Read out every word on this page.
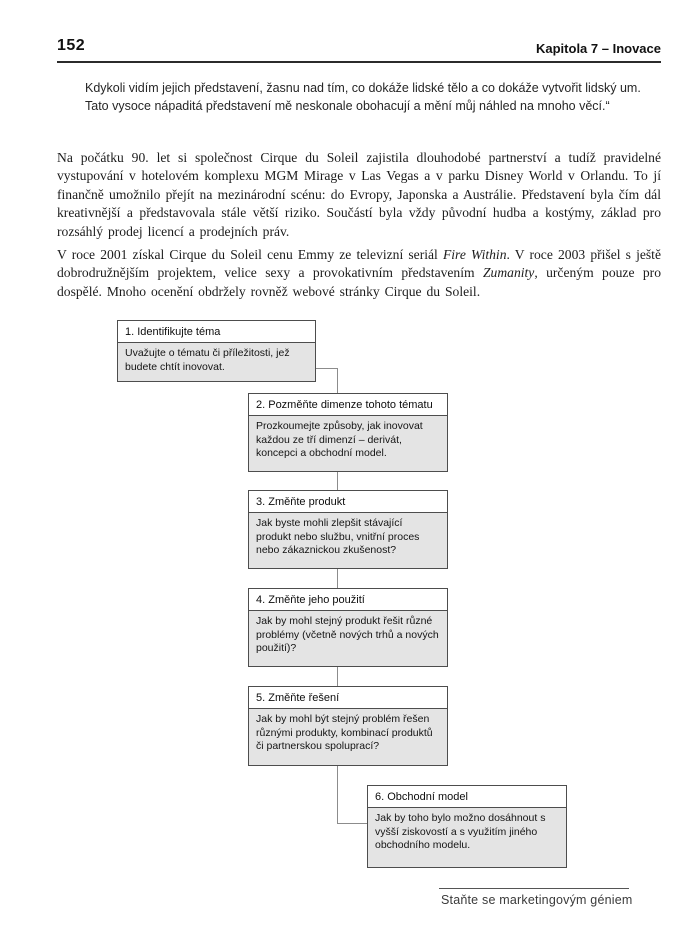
152	Kapitola 7 – Inovace
Kdykoli vidím jejich představení, žasnu nad tím, co dokáže lidské tělo a co dokáže vytvořit lidský um. Tato vysoce nápaditá představení mě neskonale obohacují a mění můj náhled na mnoho věcí.“

Na počátku 90. let si společnost Cirque du Soleil zajistila dlouhodobé partnerství a tudíž pravidelné vystupování v hotelovém komplexu MGM Mirage v Las Vegas a v parku Disney World v Orlandu. To jí finančně umožnilo přejít na mezinárodní scénu: do Evropy, Japonska a Austrálie. Představení byla čím dál kreativnější a představovala stále větší riziko. Součástí byla vždy původní hudba a kostýmy, základ pro rozsáhlý prodej licencí a prodejních práv.

V roce 2001 získal Cirque du Soleil cenu Emmy ze televizní seriál Fire Within. V roce 2003 přišel s ještě dobrodružnějším projektem, velice sexy a provokativním představením Zumanity, určeným pouze pro dospělé. Mnoho ocenění obdržely rovněž webové stránky Cirque du Soleil.

1. Identifikujte téma
Uvažujte o tématu či příležitosti, jež budete chtít inovovat.
2. Pozměňte dimenze tohoto tématu
Prozkoumejte způsoby, jak inovovat každou ze tří dimenzí – derivát, koncepci a obchodní model.
3. Změňte produkt
Jak byste mohli zlepšit stávající produkt nebo službu, vnitřní proces nebo zákaznickou zkušenost?
4. Změňte jeho použití
Jak by mohl stejný produkt řešit různé problémy (včetně nových trhů a nových použití)?
5. Změňte řešení
Jak by mohl být stejný problém řešen různými produkty, kombinací produktů či partnerskou spoluprací?
6. Obchodní model
Jak by toho bylo možno dosáhnout s vyšší ziskovostí a s využitím jiného obchodního modelu.
Staňte se marketingovým géniem
